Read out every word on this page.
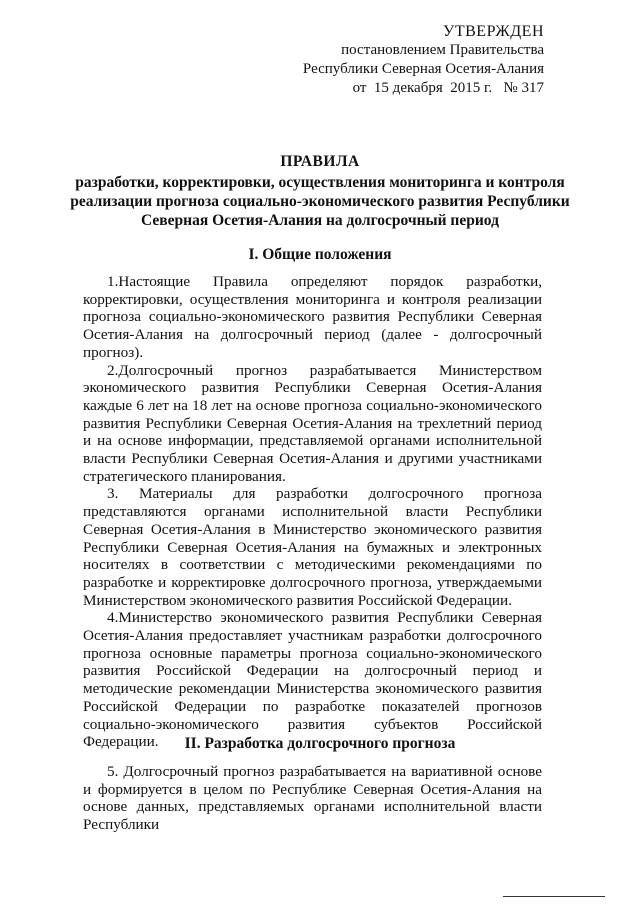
УТВЕРЖДЕН
постановлением Правительства
Республики Северная Осетия-Алания
от  15 декабря  2015 г.   № 317
ПРАВИЛА
разработки, корректировки, осуществления мониторинга и контроля
реализации прогноза социально-экономического развития Республики
Северная Осетия-Алания на долгосрочный период
I. Общие положения

1.Настоящие Правила определяют порядок разработки, корректировки, осуществления мониторинга и контроля реализации прогноза социально-экономического развития Республики Северная Осетия-Алания на долгосрочный период (далее - долгосрочный прогноз).

2.Долгосрочный прогноз разрабатывается Министерством экономического развития Республики Северная Осетия-Алания каждые 6 лет на 18 лет на основе прогноза социально-экономического развития Республики Северная Осетия-Алания на трехлетний период и на основе информации, представляемой органами исполнительной власти Республики Северная Осетия-Алания и другими участниками стратегического планирования.

3. Материалы для разработки долгосрочного прогноза представляются органами исполнительной власти Республики Северная Осетия-Алания в Министерство экономического развития Республики Северная Осетия-Алания на бумажных и электронных носителях в соответствии с методическими рекомендациями по разработке и корректировке долгосрочного прогноза, утверждаемыми Министерством экономического развития Российской Федерации.

4.Министерство экономического развития Республики Северная Осетия-Алания предоставляет участникам разработки долгосрочного прогноза основные параметры прогноза социально-экономического развития Российской Федерации на долгосрочный период и методические рекомендации Министерства экономического развития Российской Федерации по разработке показателей прогнозов социально-экономического развития субъектов Российской Федерации.	II. Разработка долгосрочного прогноза

5. Долгосрочный прогноз разрабатывается на вариативной основе и формируется в целом по Республике Северная Осетия-Алания на основе данных, представляемых органами исполнительной власти Республики
